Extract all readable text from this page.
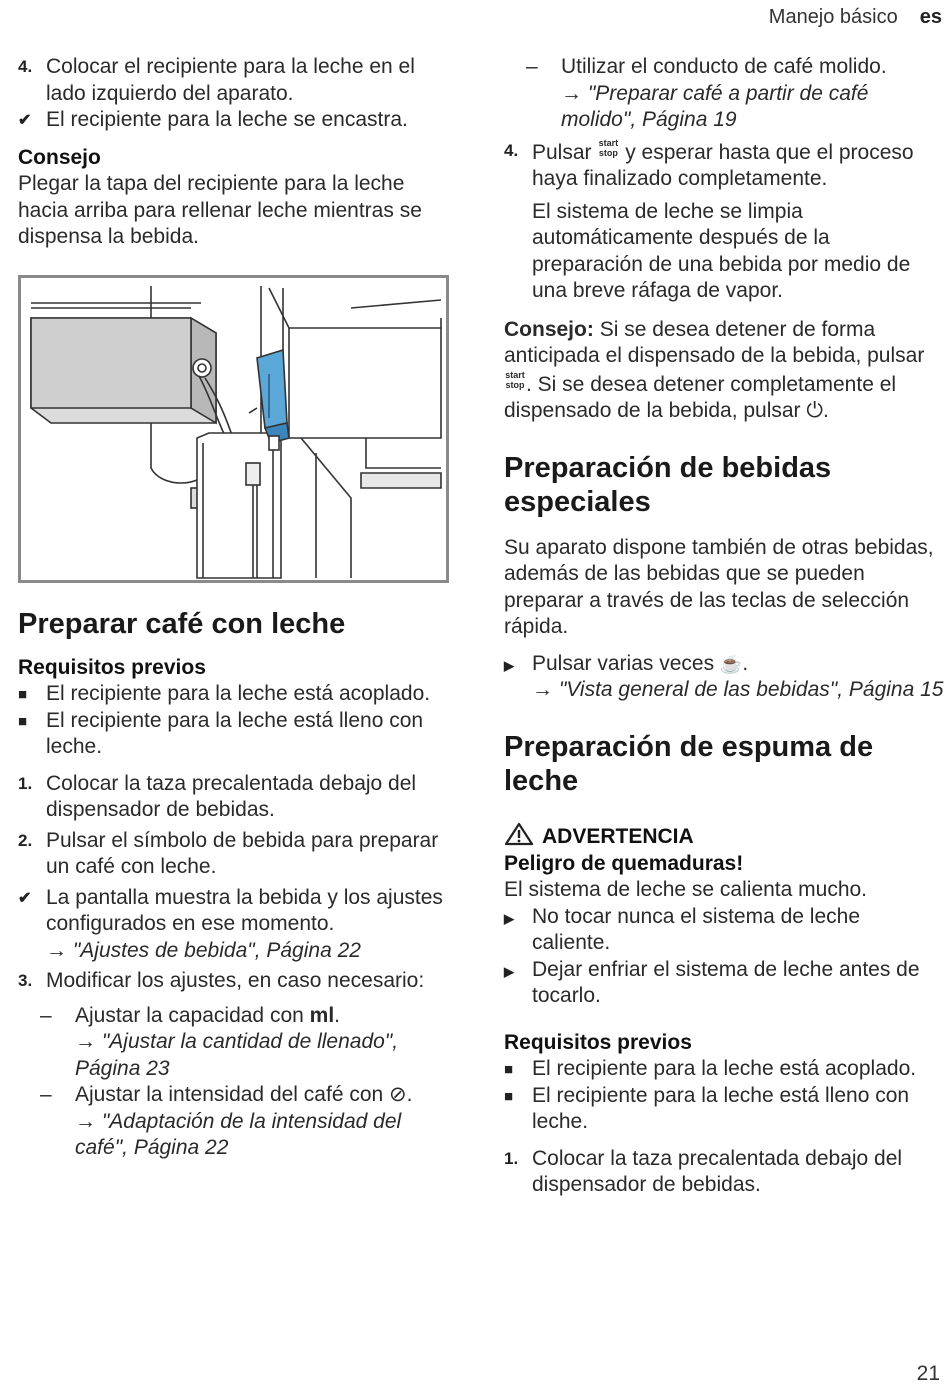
Manejo básico es
4. Colocar el recipiente para la leche en el lado izquierdo del aparato.
✔ El recipiente para la leche se encastra.
Consejo

Plegar la tapa del recipiente para la leche hacia arriba para rellenar leche mientras se dispensa la bebida.

Preparar café con leche
Requisitos previos
■ El recipiente para la leche está acoplado.
■ El recipiente para la leche está lleno con leche.
1. Colocar la taza precalentada debajo del dispensador de bebidas.
2. Pulsar el símbolo de bebida para preparar un café con leche.
✔ La pantalla muestra la bebida y los ajustes configurados en ese momento.
→ "Ajustes de bebida", Página 22
3. Modificar los ajustes, en caso necesario:
– Ajustar la capacidad con ml.
→ "Ajustar la cantidad de llenado", Página 23
– Ajustar la intensidad del café con ⊘.
→ "Adaptación de la intensidad del café", Página 22
– Utilizar el conducto de café molido.
→ "Preparar café a partir de café molido", Página 19
4. Pulsar start stop y esperar hasta que el proceso haya finalizado completamente.
El sistema de leche se limpia automáticamente después de la preparación de una bebida por medio de una breve ráfaga de vapor.

Consejo: Si se desea detener de forma anticipada el dispensado de la bebida, pulsar start stop. Si se desea detener completamente el dispensado de la bebida, pulsar ⏻.

Preparación de bebidas especiales

Su aparato dispone también de otras bebidas, además de las bebidas que se pueden preparar a través de las teclas de selección rápida.

▶ Pulsar varias veces ☕.
→ "Vista general de las bebidas", Página 15
Preparación de espuma de leche
ADVERTENCIA
Peligro de quemaduras!

El sistema de leche se calienta mucho.

▶ No tocar nunca el sistema de leche caliente.
▶ Dejar enfriar el sistema de leche antes de tocarlo.
Requisitos previos
■ El recipiente para la leche está acoplado.
■ El recipiente para la leche está lleno con leche.
1. Colocar la taza precalentada debajo del dispensador de bebidas.
21
